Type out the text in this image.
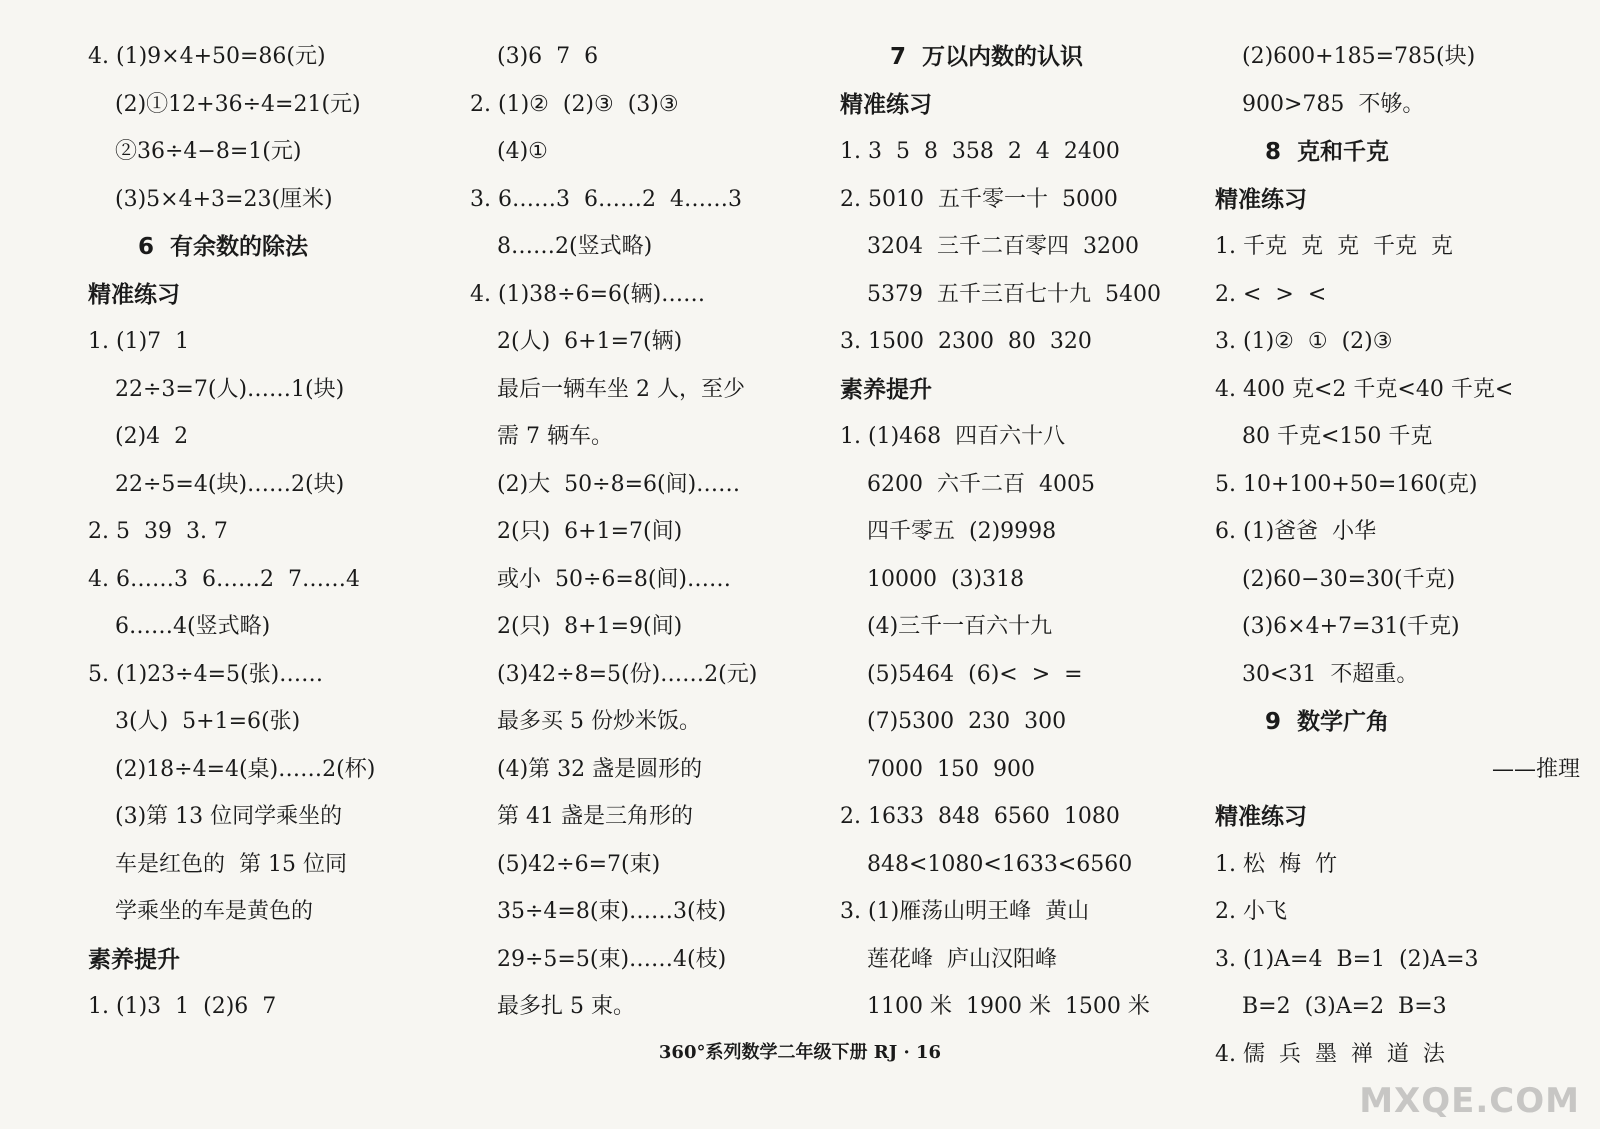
4. (1)9×4+50=86(元)
(2)①12+36÷4=21(元)
②36÷4−8=1(元)
(3)5×4+3=23(厘米)
6  有余数的除法
精准练习
1. (1)7  1
22÷3=7(人)……1(块)
(2)4  2
22÷5=4(块)……2(块)
2. 5  39  3. 7
4. 6……3  6……2  7……4
6……4(竖式略)
5. (1)23÷4=5(张)……
3(人)  5+1=6(张)
(2)18÷4=4(桌)……2(杯)
(3)第 13 位同学乘坐的
车是红色的  第 15 位同
学乘坐的车是黄色的
素养提升
1. (1)3  1  (2)6  7
(3)6  7  6
2. (1)②  (2)③  (3)③
(4)①
3. 6……3  6……2  4……3
8……2(竖式略)
4. (1)38÷6=6(辆)……
2(人)  6+1=7(辆)
最后一辆车坐 2 人，至少
需 7 辆车。
(2)大  50÷8=6(间)……
2(只)  6+1=7(间)
或小  50÷6=8(间)……
2(只)  8+1=9(间)
(3)42÷8=5(份)……2(元)
最多买 5 份炒米饭。
(4)第 32 盏是圆形的
第 41 盏是三角形的
(5)42÷6=7(束)
35÷4=8(束)……3(枝)
29÷5=5(束)……4(枝)
最多扎 5 束。
7  万以内数的认识
精准练习
1. 3  5  8  358  2  4  2400
2. 5010  五千零一十  5000
3204  三千二百零四  3200
5379  五千三百七十九  5400
3. 1500  2300  80  320
素养提升
1. (1)468  四百六十八
6200  六千二百  4005
四千零五  (2)9998
10000  (3)318
(4)三千一百六十九
(5)5464  (6)<  >  =
(7)5300  230  300
7000  150  900
2. 1633  848  6560  1080
848<1080<1633<6560
3. (1)雁荡山明王峰  黄山
莲花峰  庐山汉阳峰
1100 米  1900 米  1500 米
(2)600+185=785(块)
900>785  不够。
8  克和千克
精准练习
1. 千克  克  克  千克  克
2. <  >  <
3. (1)②  ①  (2)③
4. 400 克<2 千克<40 千克<
80 千克<150 千克
5. 10+100+50=160(克)
6. (1)爸爸  小华
(2)60−30=30(千克)
(3)6×4+7=31(千克)
30<31  不超重。
9  数学广角
——推理
精准练习
1. 松  梅  竹
2. 小飞
3. (1)A=4  B=1  (2)A=3
B=2  (3)A=2  B=3
4. 儒  兵  墨  禅  道  法
360°系列数学二年级下册 RJ · 16
MXQE.COM
